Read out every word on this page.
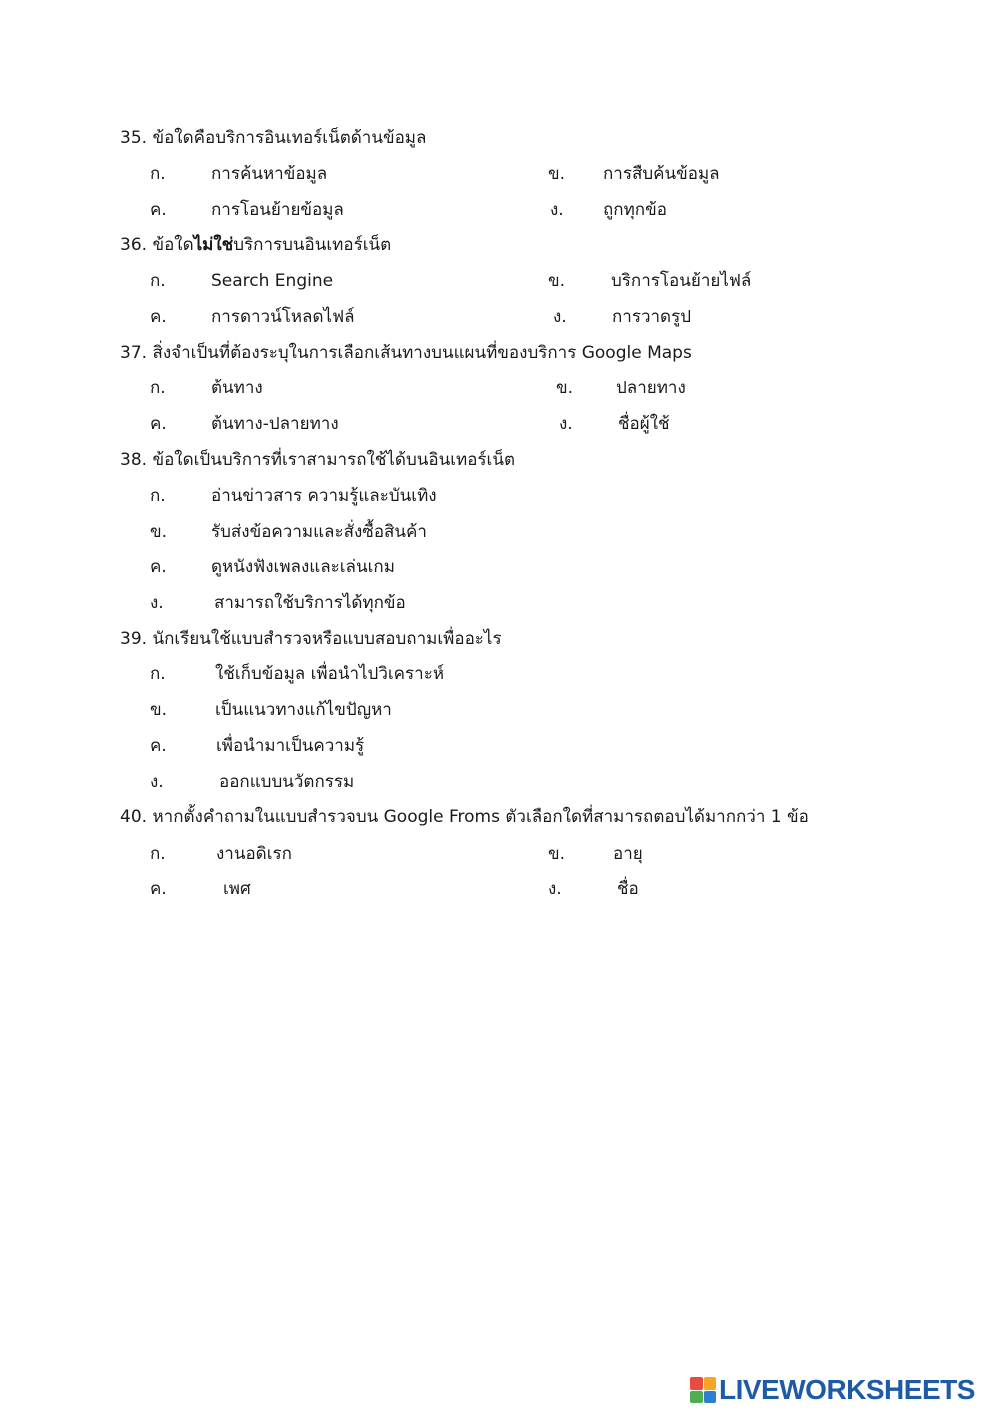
35. ข้อใดคือบริการอินเทอร์เน็ตด้านข้อมูล
ก.	การค้นหาข้อมูล	ข. การสืบค้นข้อมูล
ค.	การโอนย้ายข้อมูล	ง. ถูกทุกข้อ
36. ข้อใดไม่ใช่บริการบนอินเทอร์เน็ต
ก.	Search Engine	ข.	บริการโอนย้ายไฟล์
ค.	การดาวน์โหลดไฟล์	ง.	การวาดรูป
37. สิ่งจำเป็นที่ต้องระบุในการเลือกเส้นทางบนแผนที่ของบริการ Google Maps
ก.	ต้นทาง	ข.	ปลายทาง
ค.	ต้นทาง-ปลายทาง	ง.	ชื่อผู้ใช้
38. ข้อใดเป็นบริการที่เราสามารถใช้ได้บนอินเทอร์เน็ต
ก.	อ่านข่าวสาร ความรู้และบันเทิง
ข.	รับส่งข้อความและสั่งซื้อสินค้า
ค.	ดูหนังฟังเพลงและเล่นเกม
ง.	สามารถใช้บริการได้ทุกข้อ
39. นักเรียนใช้แบบสำรวจหรือแบบสอบถามเพื่ออะไร
ก.	ใช้เก็บข้อมูล เพื่อนำไปวิเคราะห์
ข.	เป็นแนวทางแก้ไขปัญหา
ค.	เพื่อนำมาเป็นความรู้
ง.	ออกแบบนวัตกรรม
40. หากตั้งคำถามในแบบสำรวจบน Google Froms ตัวเลือกใดที่สามารถตอบได้มากกว่า 1 ข้อ
ก.	งานอดิเรก	ข.	อายุ
ค.	เพศ	ง.	ชื่อ
LIVEWORKSHEETS
